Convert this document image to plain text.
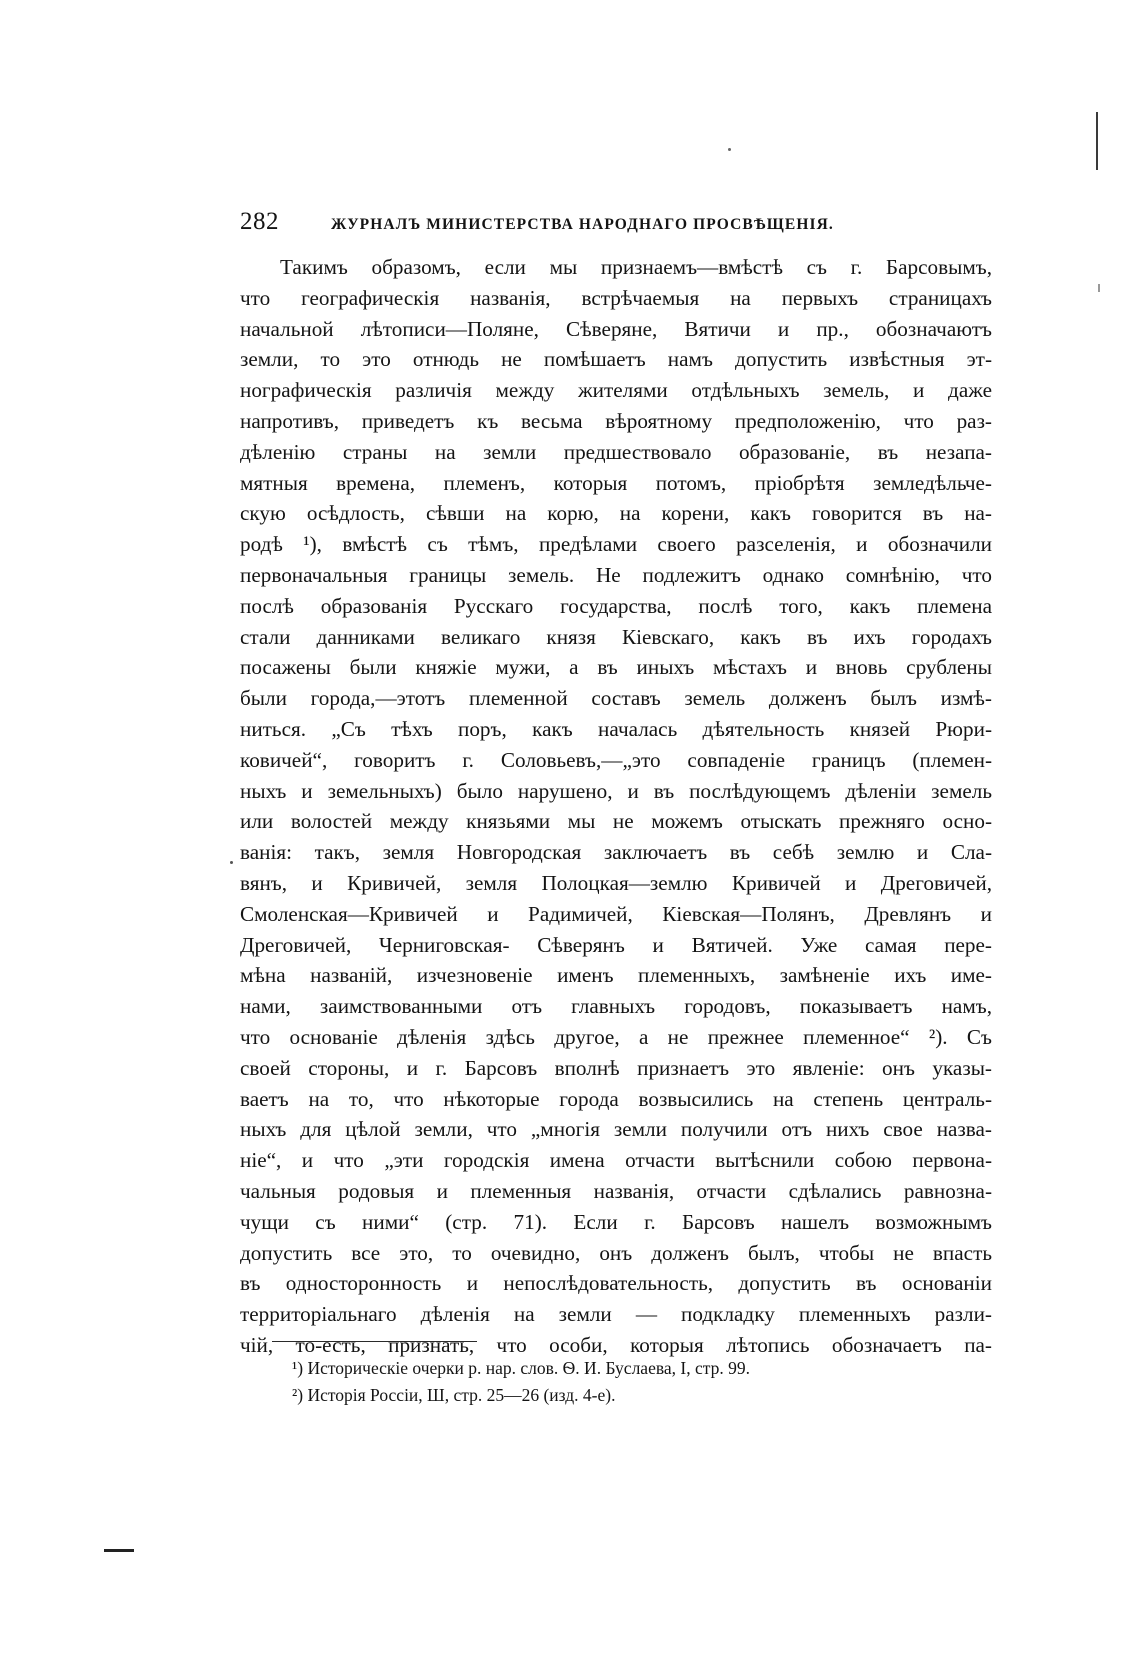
282	ЖУРНАЛЪ МИНИСТЕРСТВА НАРОДНАГО ПРОСВѢЩЕНІЯ.
Такимъ образомъ, если мы признаемъ—вмѣстѣ съ г. Барсовымъ,
что географическія названія, встрѣчаемыя на первыхъ страницахъ
начальной лѣтописи—Поляне, Сѣверяне, Вятичи и пр., обозначаютъ
земли, то это отнюдь не помѣшаетъ намъ допустить извѣстныя эт-
нографическія различія между жителями отдѣльныхъ земель, и даже
напротивъ, приведетъ къ весьма вѣроятному предположенію, что раз-
дѣленію страны на земли предшествовало образованіе, въ незапа-
мятныя времена, племенъ, которыя потомъ, пріобрѣтя земледѣльче-
скую осѣдлость, сѣвши на корю, на корени, какъ говорится въ на-
родѣ ¹), вмѣстѣ съ тѣмъ, предѣлами своего разселенія, и обозначили
первоначальныя границы земель. Не подлежитъ однако сомнѣнію, что
послѣ образованія Русскаго государства, послѣ того, какъ племена
стали данниками великаго князя Кіевскаго, какъ въ ихъ городахъ
посажены были княжіе мужи, а въ иныхъ мѣстахъ и вновь срублены
были города,—этотъ племенной составъ земель долженъ былъ измѣ-
ниться. „Съ тѣхъ поръ, какъ началась дѣятельность князей Рюри-
ковичей“, говоритъ г. Соловьевъ,—„это совпаденіе границъ (племен-
ныхъ и земельныхъ) было нарушено, и въ послѣдующемъ дѣленіи земель
или волостей между князьями мы не можемъ отыскать прежняго осно-
ванія: такъ, земля Новгородская заключаетъ въ себѣ землю и Сла-
вянъ, и Кривичей, земля Полоцкая—землю Кривичей и Дреговичей,
Смоленская—Кривичей и Радимичей, Кіевская—Полянъ, Древлянъ и
Дреговичей, Черниговская- Сѣверянъ и Вятичей. Уже самая пере-
мѣна названій, изчезновеніе именъ племенныхъ, замѣненіе ихъ име-
нами, заимствованными отъ главныхъ городовъ, показываетъ намъ,
что основаніе дѣленія здѣсь другое, а не прежнее племенное“ ²). Съ
своей стороны, и г. Барсовъ вполнѣ признаетъ это явленіе: онъ указы-
ваетъ на то, что нѣкоторые города возвысились на степень централь-
ныхъ для цѣлой земли, что „многія земли получили отъ нихъ свое назва-
ніе“, и что „эти городскія имена отчасти вытѣснили собою первона-
чальныя родовыя и племенныя названія, отчасти сдѣлались равнозна-
чущи съ ними“ (стр. 71). Если г. Барсовъ нашелъ возможнымъ
допустить все это, то очевидно, онъ долженъ былъ, чтобы не впасть
въ односторонность и непослѣдовательность, допустить въ основаніи
территоріальнаго дѣленія на земли — подкладку племенныхъ разли-
чій, то-есть, признать, что особи, которыя лѣтопись обозначаетъ па-
¹) Историческіе очерки р. нар. слов. Ѳ. И. Буслаева, I, стр. 99.
²) Исторія Россіи, Ш, стр. 25—26 (изд. 4-е).
